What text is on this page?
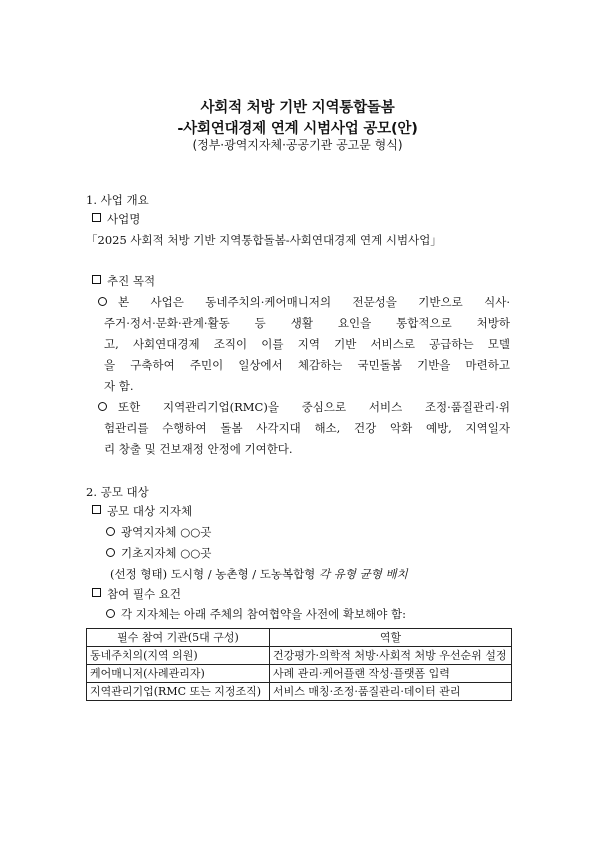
사회적 처방 기반 지역통합돌봄
-사회연대경제 연계 시범사업 공모(안)
(정부·광역지자체·공공기관 공고문 형식)
1. 사업 개요
사업명
「2025 사회적 처방 기반 지역통합돌봄-사회연대경제 연계 시범사업」
추진 목적
본 사업은 동네주치의·케어매니저의 전문성을 기반으로 식사·
주거·정서·문화·관계·활동 등 생활 요인을 통합적으로 처방하
고, 사회연대경제 조직이 이를 지역 기반 서비스로 공급하는 모델
을 구축하여 주민이 일상에서 체감하는 국민돌봄 기반을 마련하고
자 함.
또한 지역관리기업(RMC)을 중심으로 서비스 조정·품질관리·위
험관리를 수행하여 돌봄 사각지대 해소, 건강 악화 예방, 지역일자
리 창출 및 건보재정 안정에 기여한다.
2. 공모 대상
공모 대상 지자체
광역지자체 ○○곳
기초지자체 ○○곳
(선정 형태) 도시형 / 농촌형 / 도농복합형 각 유형 균형 배치
참여 필수 요건
각 지자체는 아래 주체의 참여협약을 사전에 확보해야 함:
필수 참여 기관(5대 구성)	역할
동네주치의(지역 의원)	건강평가·의학적 처방·사회적 처방 우선순위 설정
케어매니저(사례관리자)	사례 관리·케어플랜 작성·플랫폼 입력
지역관리기업(RMC 또는 지정조직)	서비스 매칭·조정·품질관리·데이터 관리
